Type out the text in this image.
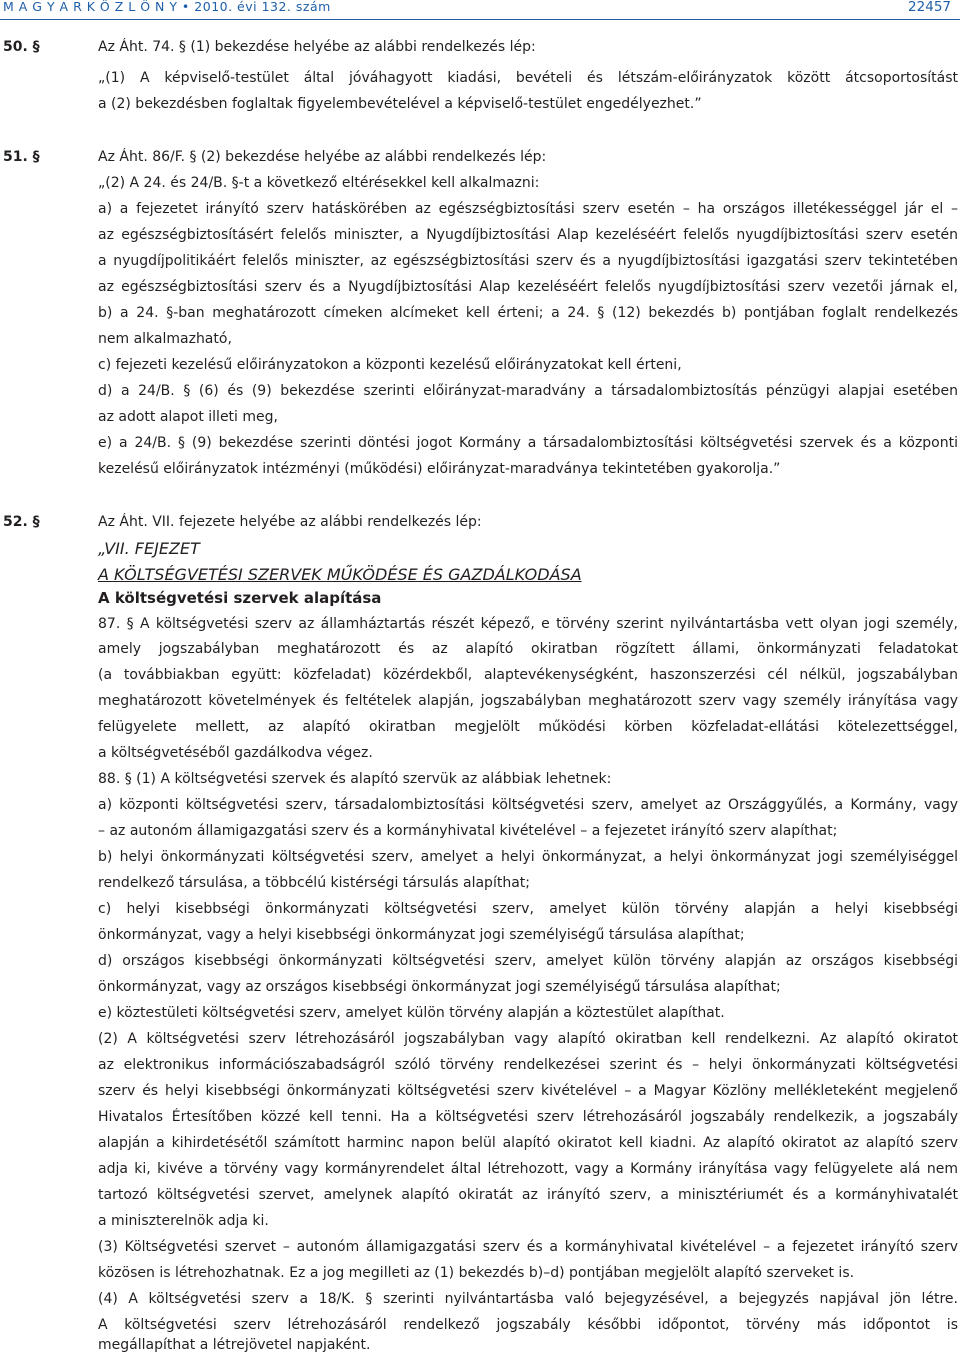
M A G Y A R K Ö Z L Ö N Y • 2010. évi 132. szám	22457
50. §	Az Áht. 74. § (1) bekezdése helyébe az alábbi rendelkezés lép:
„(1) A képviselő-testület által jóváhagyott kiadási, bevételi és létszám-előirányzatok között átcsoportosítást
a (2) bekezdésben foglaltak figyelembevételével a képviselő-testület engedélyezhet.”
51. §	Az Áht. 86/F. § (2) bekezdése helyébe az alábbi rendelkezés lép:
„(2) A 24. és 24/B. §-t a következő eltérésekkel kell alkalmazni:
a) a fejezetet irányító szerv hatáskörében az egészségbiztosítási szerv esetén – ha országos illetékességgel jár el –
az egészségbiztosításért felelős miniszter, a Nyugdíjbiztosítási Alap kezeléséért felelős nyugdíjbiztosítási szerv esetén
a nyugdíjpolitikáért felelős miniszter, az egészségbiztosítási szerv és a nyugdíjbiztosítási igazgatási szerv tekintetében
az egészségbiztosítási szerv és a Nyugdíjbiztosítási Alap kezeléséért felelős nyugdíjbiztosítási szerv vezetői járnak el,
b) a 24. §-ban meghatározott címeken alcímeket kell érteni; a 24. § (12) bekezdés b) pontjában foglalt rendelkezés
nem alkalmazható,
c) fejezeti kezelésű előirányzatokon a központi kezelésű előirányzatokat kell érteni,
d) a 24/B. § (6) és (9) bekezdése szerinti előirányzat-maradvány a társadalombiztosítás pénzügyi alapjai esetében
az adott alapot illeti meg,
e) a 24/B. § (9) bekezdése szerinti döntési jogot Kormány a társadalombiztosítási költségvetési szervek és a központi
kezelésű előirányzatok intézményi (működési) előirányzat-maradványa tekintetében gyakorolja.”
52. §	Az Áht. VII. fejezete helyébe az alábbi rendelkezés lép:
„VII. FEJEZET
A KÖLTSÉGVETÉSI SZERVEK MŰKÖDÉSE ÉS GAZDÁLKODÁSA
A költségvetési szervek alapítása
87. § A költségvetési szerv az államháztartás részét képező, e törvény szerint nyilvántartásba vett olyan jogi személy,
amely jogszabályban meghatározott és az alapító okiratban rögzített állami, önkormányzati feladatokat
(a továbbiakban együtt: közfeladat) közérdekből, alaptevékenységként, haszonszerzési cél nélkül, jogszabályban
meghatározott követelmények és feltételek alapján, jogszabályban meghatározott szerv vagy személy irányítása vagy
felügyelete mellett, az alapító okiratban megjelölt működési körben közfeladat-ellátási kötelezettséggel,
a költségvetéséből gazdálkodva végez.
88. § (1) A költségvetési szervek és alapító szervük az alábbiak lehetnek:
a) központi költségvetési szerv, társadalombiztosítási költségvetési szerv, amelyet az Országgyűlés, a Kormány, vagy
– az autonóm államigazgatási szerv és a kormányhivatal kivételével – a fejezetet irányító szerv alapíthat;
b) helyi önkormányzati költségvetési szerv, amelyet a helyi önkormányzat, a helyi önkormányzat jogi személyiséggel
rendelkező társulása, a többcélú kistérségi társulás alapíthat;
c) helyi kisebbségi önkormányzati költségvetési szerv, amelyet külön törvény alapján a helyi kisebbségi
önkormányzat, vagy a helyi kisebbségi önkormányzat jogi személyiségű társulása alapíthat;
d) országos kisebbségi önkormányzati költségvetési szerv, amelyet külön törvény alapján az országos kisebbségi
önkormányzat, vagy az országos kisebbségi önkormányzat jogi személyiségű társulása alapíthat;
e) köztestületi költségvetési szerv, amelyet külön törvény alapján a köztestület alapíthat.
(2) A költségvetési szerv létrehozásáról jogszabályban vagy alapító okiratban kell rendelkezni. Az alapító okiratot
az elektronikus információszabadságról szóló törvény rendelkezései szerint és – helyi önkormányzati költségvetési
szerv és helyi kisebbségi önkormányzati költségvetési szerv kivételével – a Magyar Közlöny mellékleteként megjelenő
Hivatalos Értesítőben közzé kell tenni. Ha a költségvetési szerv létrehozásáról jogszabály rendelkezik, a jogszabály
alapján a kihirdetésétől számított harminc napon belül alapító okiratot kell kiadni. Az alapító okiratot az alapító szerv
adja ki, kivéve a törvény vagy kormányrendelet által létrehozott, vagy a Kormány irányítása vagy felügyelete alá nem
tartozó költségvetési szervet, amelynek alapító okiratát az irányító szerv, a minisztériumét és a kormányhivatalét
a miniszterelnök adja ki.
(3) Költségvetési szervet – autonóm államigazgatási szerv és a kormányhivatal kivételével – a fejezetet irányító szerv
közösen is létrehozhatnak. Ez a jog megilleti az (1) bekezdés b)–d) pontjában megjelölt alapító szerveket is.
(4) A költségvetési szerv a 18/K. § szerinti nyilvántartásba való bejegyzésével, a bejegyzés napjával jön létre.
A költségvetési szerv létrehozásáról rendelkező jogszabály későbbi időpontot, törvény más időpontot is
megállapíthat a létrejövetel napjaként.
